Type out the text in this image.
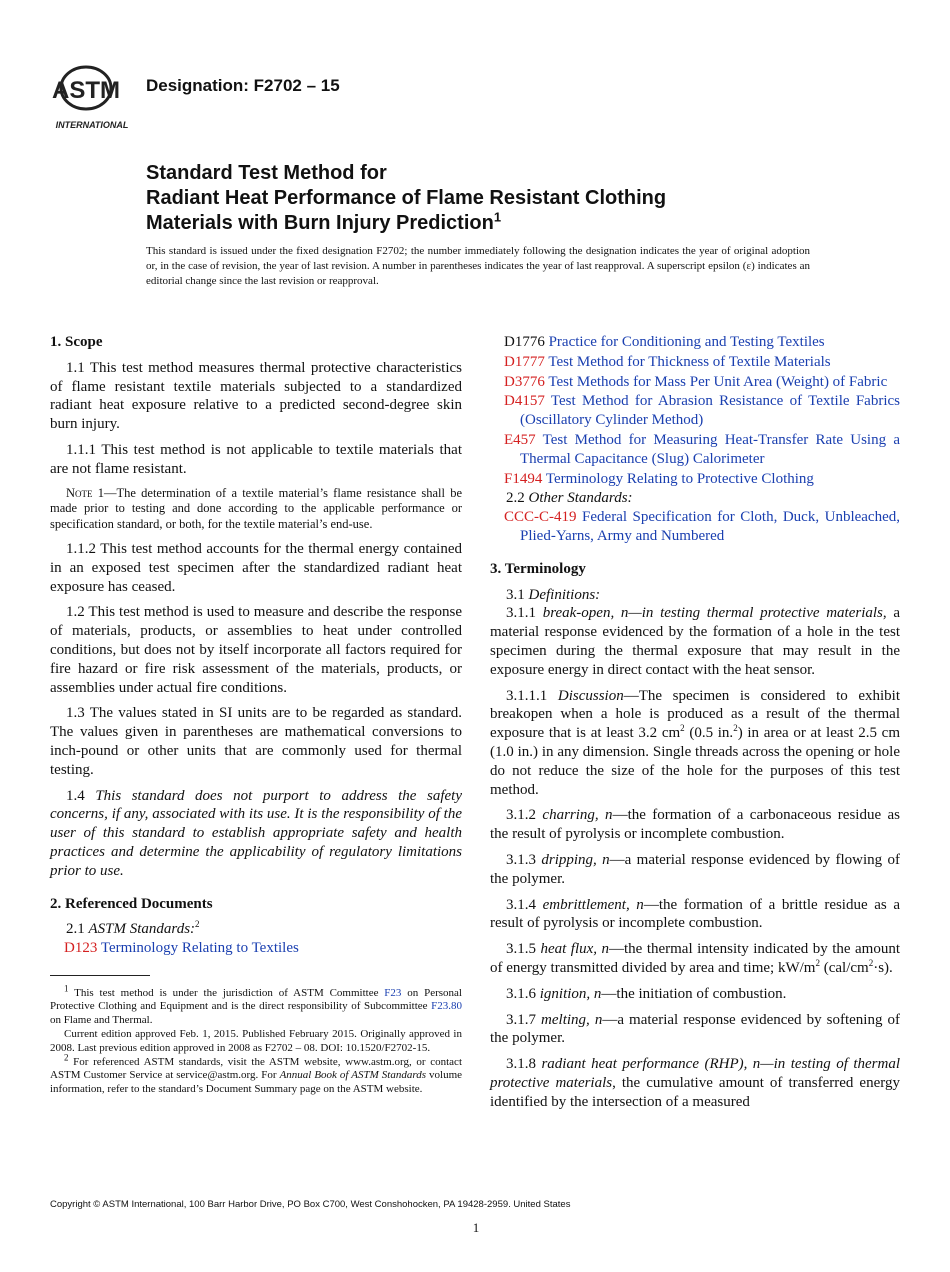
ASTM
INTERNATIONAL
Designation: F2702 – 15
Standard Test Method for
Radiant Heat Performance of Flame Resistant Clothing
Materials with Burn Injury Prediction$^1$
This standard is issued under the fixed designation F2702; the number immediately following the designation indicates the year of original adoption or, in the case of revision, the year of last revision. A number in parentheses indicates the year of last reapproval. A superscript epsilon (ε) indicates an editorial change since the last revision or reapproval.
1. Scope
1.1 This test method measures thermal protective characteristics of flame resistant textile materials subjected to a standardized radiant heat exposure relative to a predicted second-degree skin burn injury.
1.1.1 This test method is not applicable to textile materials that are not flame resistant.
Note 1—The determination of a textile material’s flame resistance shall be made prior to testing and done according to the applicable performance or specification standard, or both, for the textile material’s end-use.
1.1.2 This test method accounts for the thermal energy contained in an exposed test specimen after the standardized radiant heat exposure has ceased.
1.2 This test method is used to measure and describe the response of materials, products, or assemblies to heat under controlled conditions, but does not by itself incorporate all factors required for fire hazard or fire risk assessment of the materials, products, or assemblies under actual fire conditions.
1.3 The values stated in SI units are to be regarded as standard. The values given in parentheses are mathematical conversions to inch-pound or other units that are commonly used for thermal testing.
1.4 This standard does not purport to address the safety concerns, if any, associated with its use. It is the responsibility of the user of this standard to establish appropriate safety and health practices and determine the applicability of regulatory limitations prior to use.
2. Referenced Documents
2.1 ASTM Standards:$^2$
D123 Terminology Relating to Textiles
D1776 Practice for Conditioning and Testing Textiles
D1777 Test Method for Thickness of Textile Materials
D3776 Test Methods for Mass Per Unit Area (Weight) of Fabric
D4157 Test Method for Abrasion Resistance of Textile Fabrics (Oscillatory Cylinder Method)
E457 Test Method for Measuring Heat-Transfer Rate Using a Thermal Capacitance (Slug) Calorimeter
F1494 Terminology Relating to Protective Clothing
2.2 Other Standards:
CCC-C-419 Federal Specification for Cloth, Duck, Unbleached, Plied-Yarns, Army and Numbered
3. Terminology
3.1 Definitions:
3.1.1 break-open, n—in testing thermal protective materials, a material response evidenced by the formation of a hole in the test specimen during the thermal exposure that may result in the exposure energy in direct contact with the heat sensor.
3.1.1.1 Discussion—The specimen is considered to exhibit breakopen when a hole is produced as a result of the thermal exposure that is at least 3.2 $cm^2$ (0.5 in.$^2$) in area or at least 2.5 cm (1.0 in.) in any dimension. Single threads across the opening or hole do not reduce the size of the hole for the purposes of this test method.
3.1.2 charring, n—the formation of a carbonaceous residue as the result of pyrolysis or incomplete combustion.
3.1.3 dripping, n—a material response evidenced by flowing of the polymer.
3.1.4 embrittlement, n—the formation of a brittle residue as a result of pyrolysis or incomplete combustion.
3.1.5 heat flux, n—the thermal intensity indicated by the amount of energy transmitted divided by area and time; $kW/m^2$ $(cal/cm^2\cdot s)$.
3.1.6 ignition, n—the initiation of combustion.
3.1.7 melting, n—a material response evidenced by softening of the polymer.
3.1.8 radiant heat performance (RHP), n—in testing of thermal protective materials, the cumulative amount of transferred energy identified by the intersection of a measured
$^1$ This test method is under the jurisdiction of ASTM Committee F23 on Personal Protective Clothing and Equipment and is the direct responsibility of Subcommittee F23.80 on Flame and Thermal.
Current edition approved Feb. 1, 2015. Published February 2015. Originally approved in 2008. Last previous edition approved in 2008 as F2702 – 08. DOI: 10.1520/F2702-15.
$^2$ For referenced ASTM standards, visit the ASTM website, www.astm.org, or contact ASTM Customer Service at service@astm.org. For Annual Book of ASTM Standards volume information, refer to the standard’s Document Summary page on the ASTM website.
Copyright © ASTM International, 100 Barr Harbor Drive, PO Box C700, West Conshohocken, PA 19428-2959. United States
1
